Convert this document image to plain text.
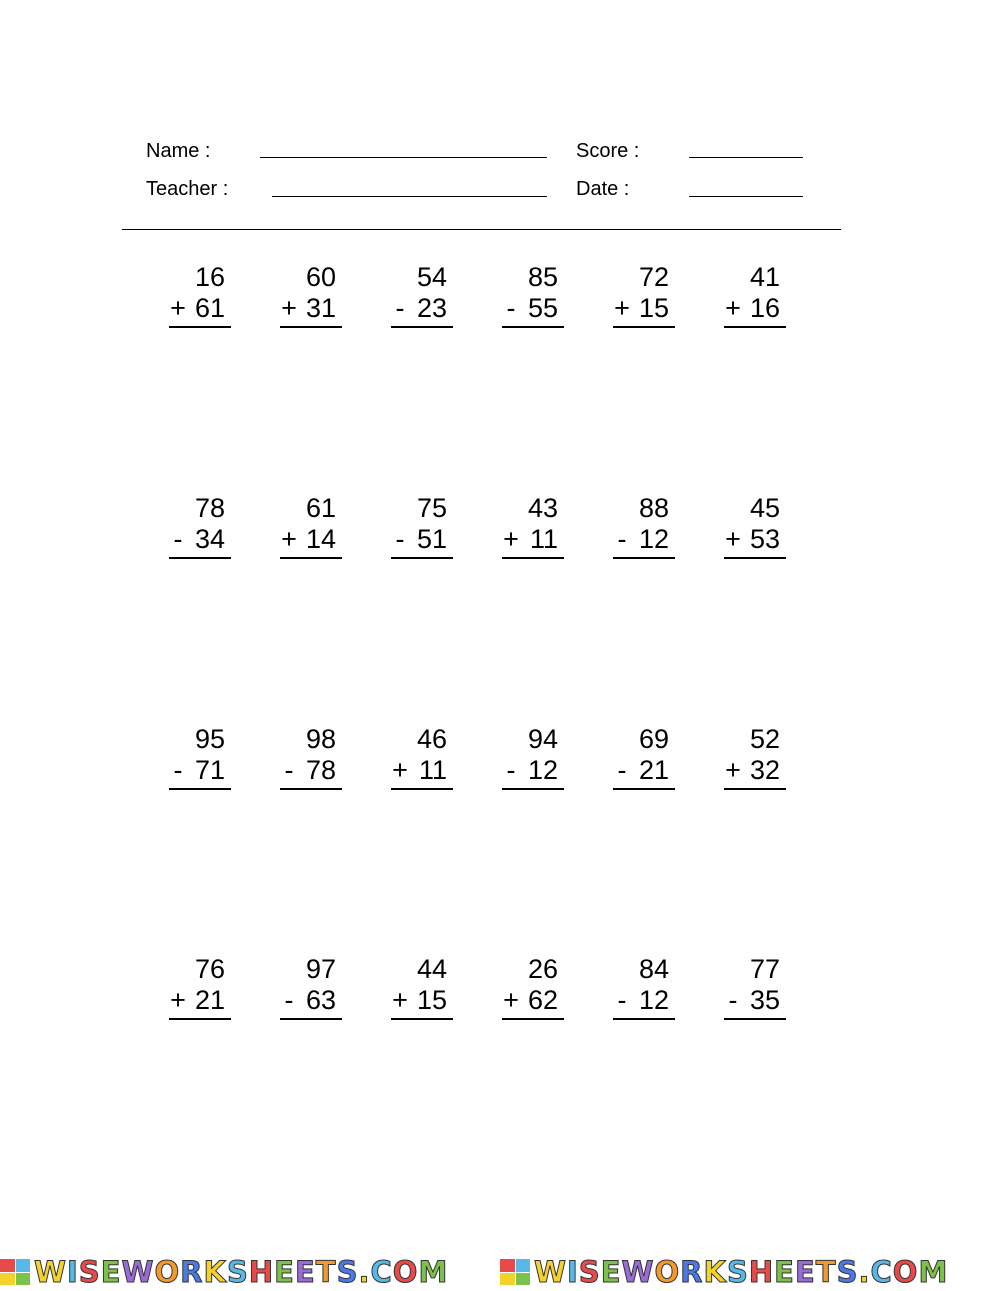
Name :	Score :
Teacher :	Date :
16
+ 61
60
+ 31
54
- 23
85
- 55
72
+ 15
41
+ 16
78
- 34
61
+ 14
75
- 51
43
+ 11
88
- 12
45
+ 53
95
- 71
98
- 78
46
+ 11
94
- 12
69
- 21
52
+ 32
76
+ 21
97
- 63
44
+ 15
26
+ 62
84
- 12
77
- 35
WISEWORKSHEETS.COM	WISEWORKSHEETS.COM
